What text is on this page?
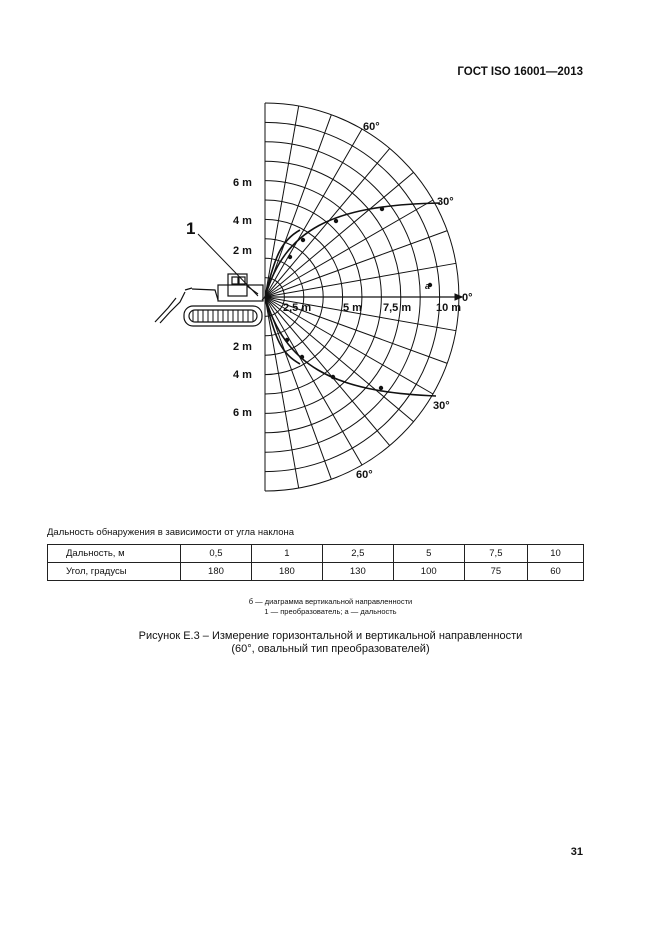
ГОСТ ISO 16001—2013
1
60°
30°
0°
30°
60°
2,5 m	5 m 7,5 m 10 m
6 m
4 m
2 m
2 m
4 m
6 m
a
Дальность обнаружения в зависимости от угла наклона
Дальность, м	0,5	1	2,5	5	7,5	10
Угол, градусы	180	180	130	100	75	60
б — диаграмма вертикальной направленности
1 — преобразователь; a — дальность
Рисунок Е.3 – Измерение горизонтальной и вертикальной направленности
(60°, овальный тип преобразователей)
31
